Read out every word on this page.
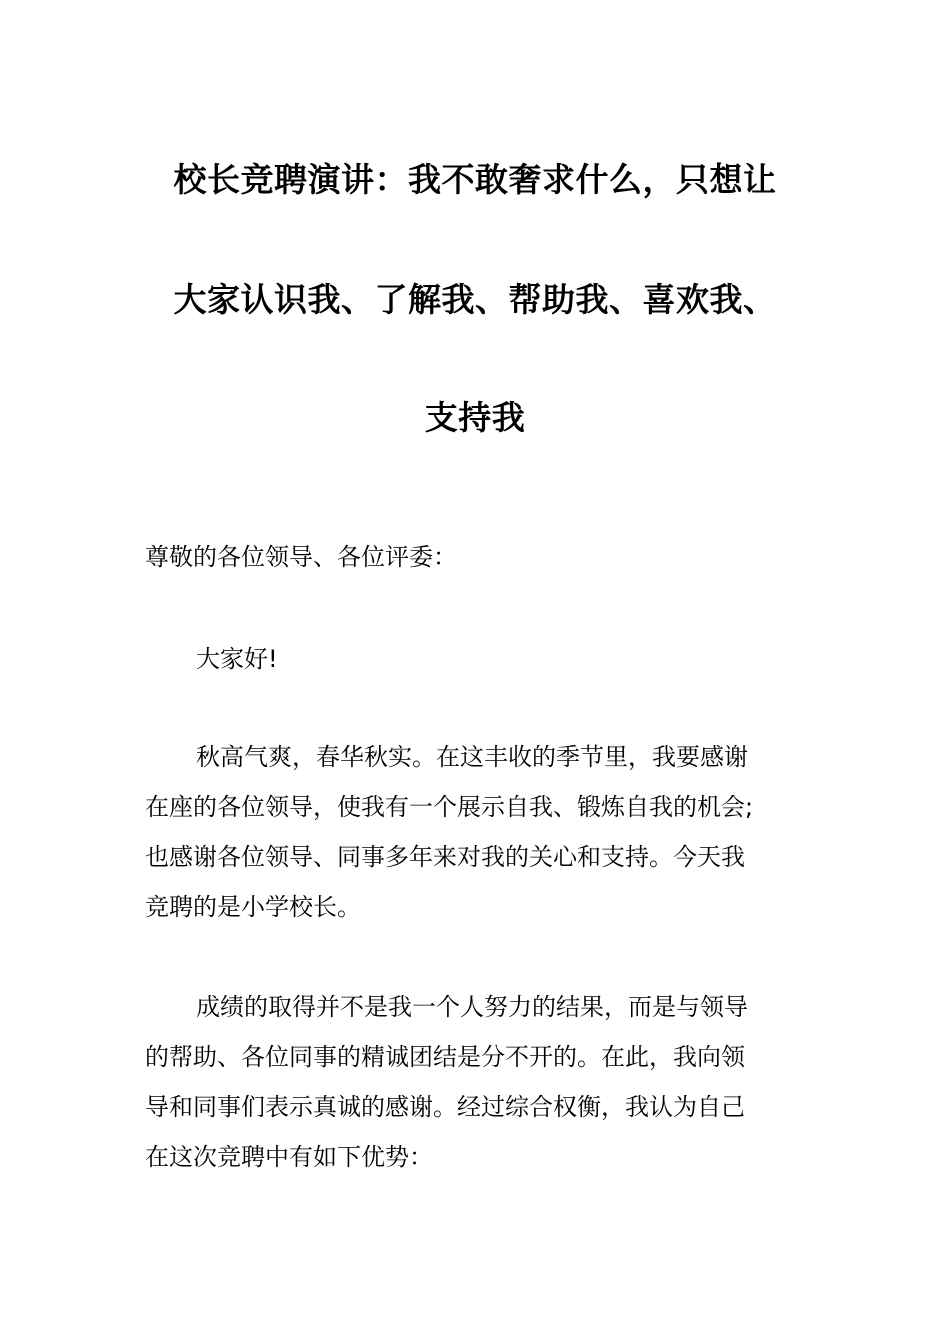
校长竞聘演讲：我不敢奢求什么，只想让
大家认识我、了解我、帮助我、喜欢我、
支持我
尊敬的各位领导、各位评委：
大家好!
秋高气爽，春华秋实。在这丰收的季节里，我要感谢
在座的各位领导，使我有一个展示自我、锻炼自我的机会;
也感谢各位领导、同事多年来对我的关心和支持。今天我
竞聘的是小学校长。
成绩的取得并不是我一个人努力的结果，而是与领导
的帮助、各位同事的精诚团结是分不开的。在此，我向领
导和同事们表示真诚的感谢。经过综合权衡，我认为自己
在这次竞聘中有如下优势：
